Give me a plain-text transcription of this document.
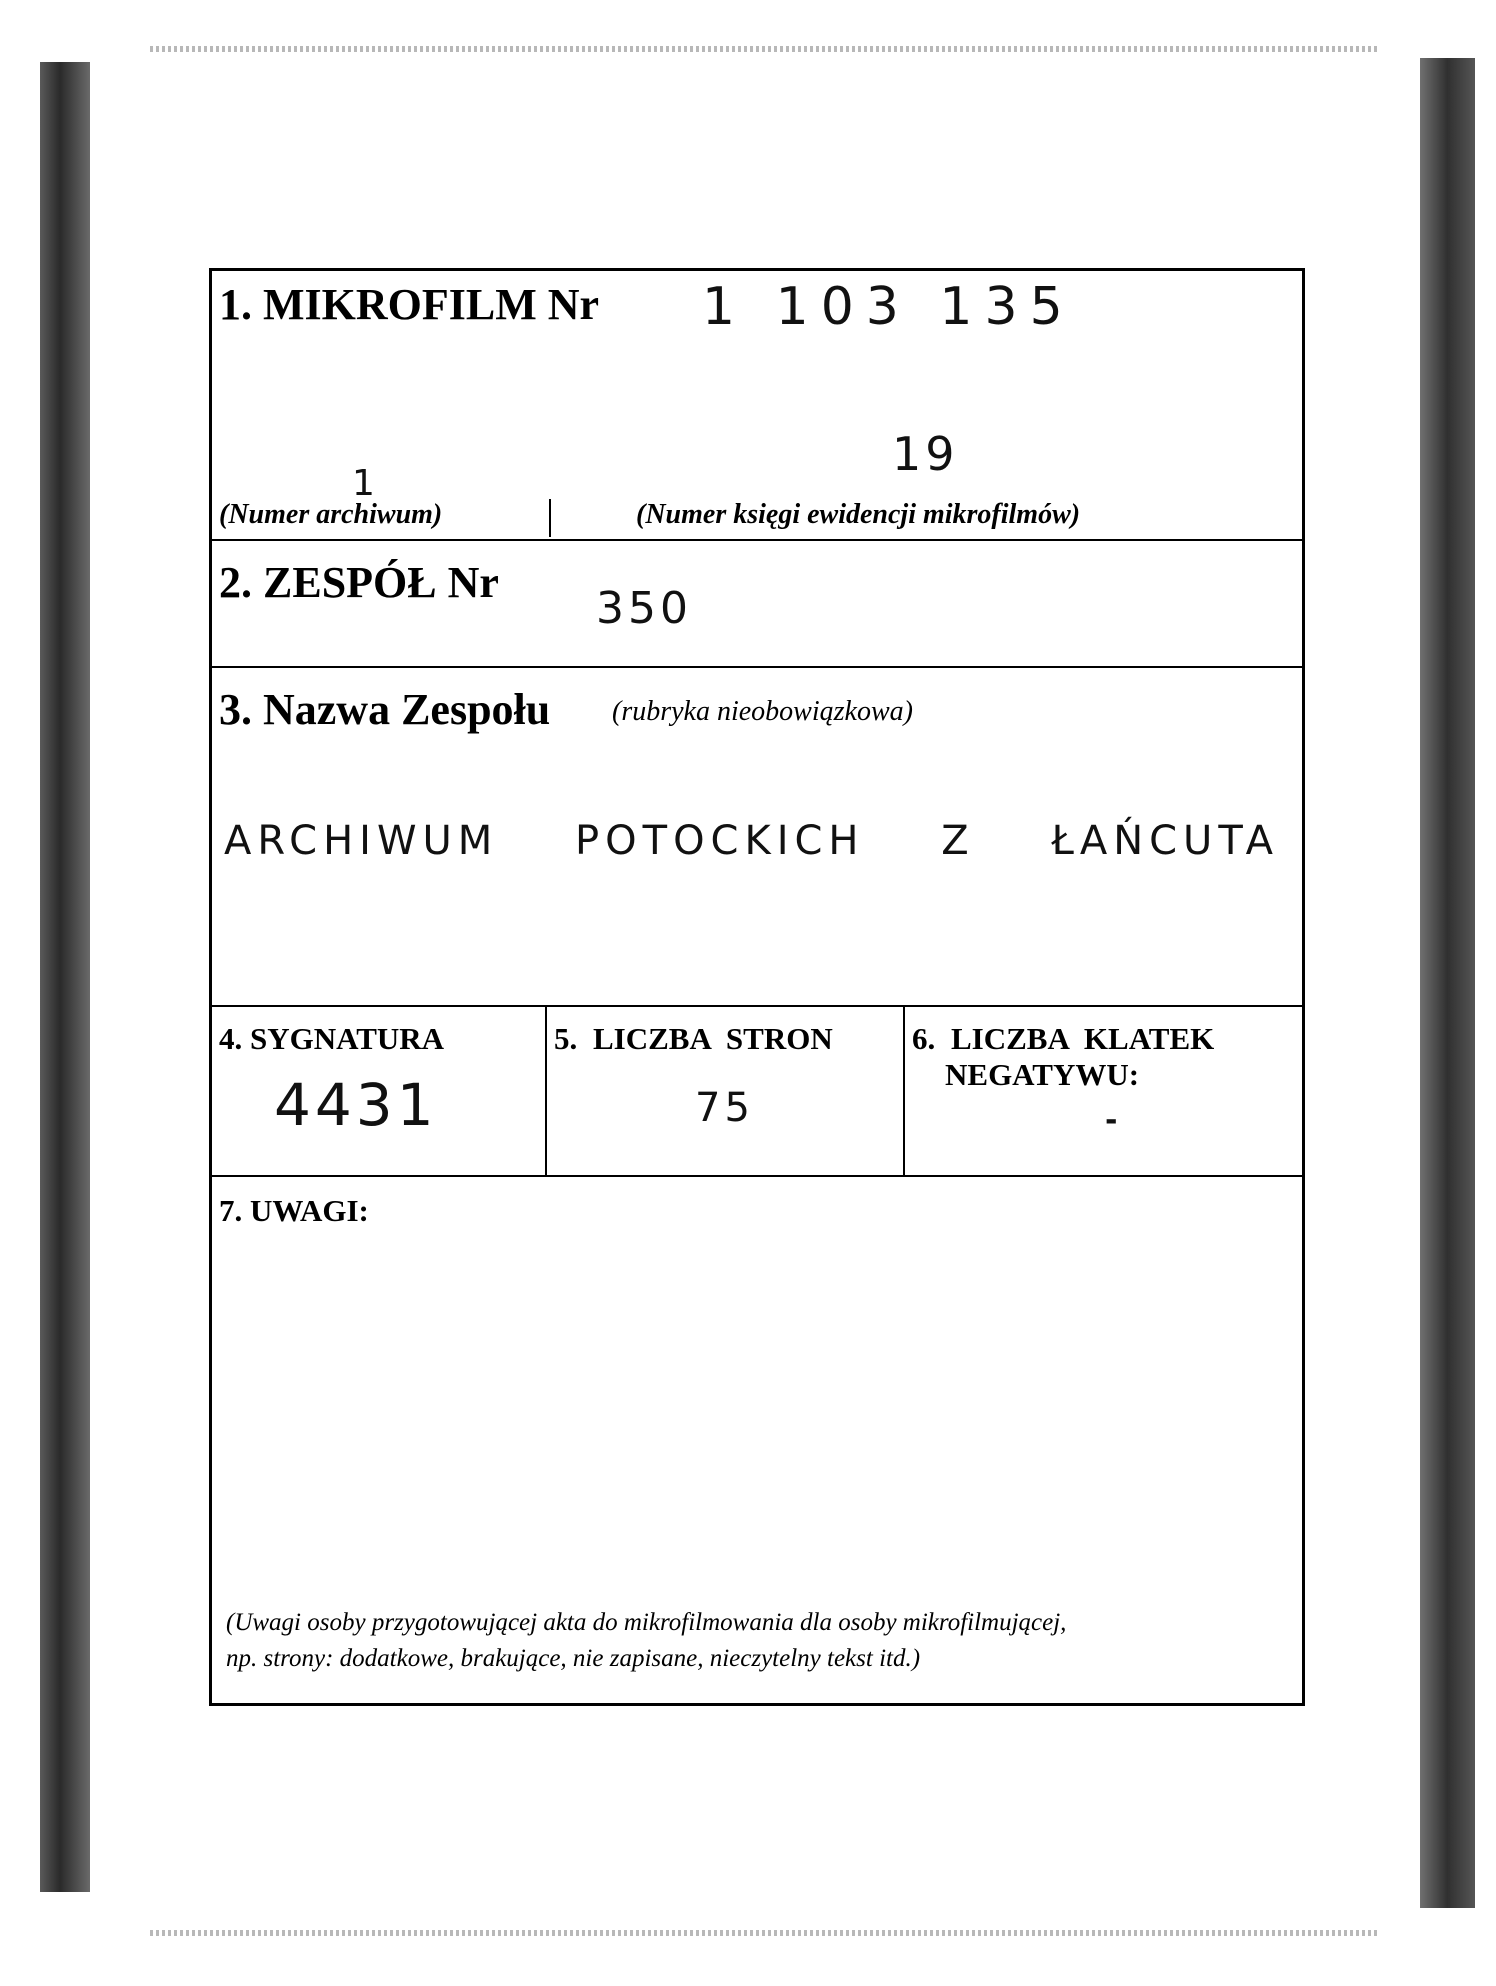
1. MIKROFILM Nr 1 103 135
1
19
(Numer archiwum)	(Numer księgi ewidencji mikrofilmów)
2. ZESPÓŁ Nr
350
3. Nazwa Zespołu (rubryka nieobowiązkowa)
ARCHIWUM POTOCKICH Z ŁAŃCUTA
4. SYGNATURA
4431
5. LICZBA STRON
75
6. LICZBA KLATEK
NEGATYWU:
-
7. UWAGI:
(Uwagi osoby przygotowującej akta do mikrofilmowania dla osoby mikrofilmującej,
np. strony: dodatkowe, brakujące, nie zapisane, nieczytelny tekst itd.)
